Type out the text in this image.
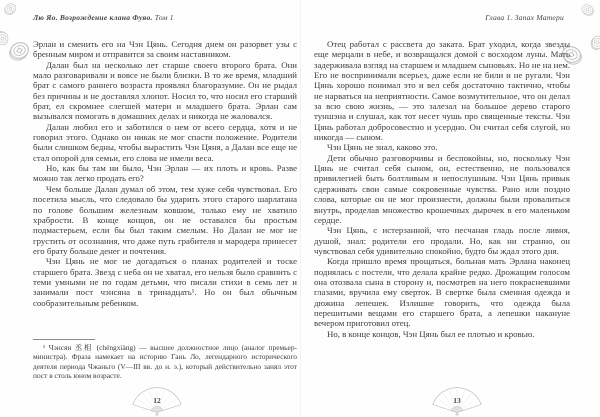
Лю Яо. Возрождение клана Фуяо. Том 1

Эрлан и сменить его на Чэн Цянь. Сегодня днем он разорвет узы с бренным миром и отправится за своим наставником.

Далан был на несколько лет старше своего второго брата. Они мало разговаривали и вовсе не были близки. В то же время, младший брат с самого раннего возраста проявлял благоразумие. Он не рыдал без причины и не доставлял хлопот. Носил то, что носил его старший брат, ел скромнее слегшей матери и младшего брата. Эрлан сам вызывался помогать в домашних делах и никогда не жаловался.

Далан любил его и заботился о нем от всего сердца, хотя и не говорил этого. Однако он никак не мог спасти положение. Родители были слишком бедны, чтобы вырастить Чэн Цяня, а Далан все еще не стал опорой для семьи, его слова не имели веса.

Но, как бы там ни было, Чэн Эрлан — их плоть и кровь. Разве можно так легко продать его?

Чем больше Далан думал об этом, тем хуже себя чувствовал. Его посетила мысль, что следовало бы ударить этого старого шарлатана по голове большим железным ковшом, только ему не хватило храбрости. В конце концов, он не оставался бы простым подмастерьем, если бы был таким смелым. Но Далан не мог не грустить от осознания, что даже путь грабителя и мародера принесет его брату больше денег и почтения.

Чэн Цянь не мог не догадаться о планах родителей и тоске старшего брата. Звезд с неба он не хватал, его нельзя было сравнить с теми умными не по годам детьми, что писали стихи в семь лет и занимали пост чэнсяна в тринадцать¹. Но он был обычным сообразительным ребенком.

¹ Чэнсян 丞相 (chéngxiàng) — высшее должностное лицо (аналог премьер-министра). Фраза намекает на историю Гань Ло, легендарного исторического деятеля периода Чжаньго (V—III вв. до н. э.), который действительно занял этот пост в столь юном возрасте.
12
Глава 1. Запах Матери

Отец работал с рассвета до заката. Брат уходил, когда звезды еще мерцали в небе, и возвращался домой с восходом луны. Мать задерживала взгляд на старшем и младшем сыновьях. Но не на нем. Его не воспринимали всерьез, даже если не били и не ругали. Чэн Цянь хорошо понимал это и вел себя достаточно тактично, чтобы не нарваться на неприятности. Самое возмутительное, что он делал за всю свою жизнь, — это залезал на большое дерево старого туншэна и слушал, как тот несет чушь про священные тексты. Чэн Цянь работал добросовестно и усердно. Он считал себя слугой, но никогда — сыном.

Чэн Цянь не знал, каково это.

Дети обычно разговорчивы и беспокойны, но, поскольку Чэн Цянь не считал себя сыном, он, естественно, не пользовался привилегией быть болтливым и непослушным. Чэн Цянь привык сдерживать свои самые сокровенные чувства. Рано или поздно слова, которые он не мог произнести, должны были провалиться внутрь, проделав множество крошечных дырочек в его маленьком сердце.

Чэн Цянь, с истерзанной, что песчаная гладь после ливня, душой, знал: родители его продали. Но, как ни странно, он чувствовал себя удивительно спокойно, будто бы ждал этого дня.

Когда пришло время прощаться, больная мать Эрлана наконец поднялась с постели, что делала крайне редко. Дрожащим голосом она отозвала сына в сторону и, посмотрев на него покрасневшими глазами, вручила ему сверток. В свертке была сменная одежда и дюжина лепешек. Излишне говорить, что одежда была перешитыми вещами его старшего брата, а лепешки накануне вечером приготовил отец.

Но, в конце концов, Чэн Цянь был ее плотью и кровью.

13
